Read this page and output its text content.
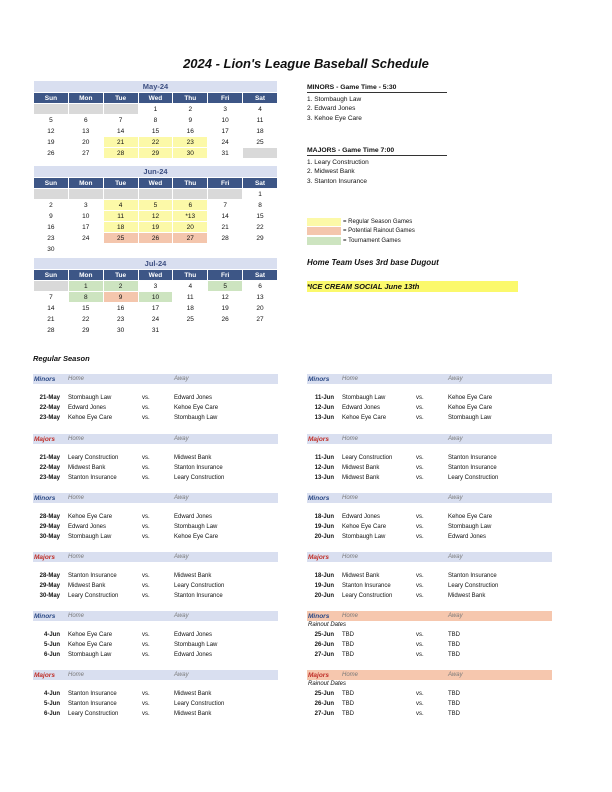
2024 - Lion's League Baseball Schedule
May-24						
Sun	Mon	Tue	Wed	Thu	Fri	Sat
			1	2	3	4
5	6	7	8	9	10	11
12	13	14	15	16	17	18
19	20	21	22	23	24	25
26	27	28	29	30	31	
Jun-24						
Sun	Mon	Tue	Wed	Thu	Fri	Sat
						1
2	3	4	5	6	7	8
9	10	11	12	*13	14	15
16	17	18	19	20	21	22
23	24	25	26	27	28	29
30						
Jul-24						
Sun	Mon	Tue	Wed	Thu	Fri	Sat
	1	2	3	4	5	6
7	8	9	10	11	12	13
14	15	16	17	18	19	20
21	22	23	24	25	26	27
28	29	30	31			
MINORS - Game Time - 5:30
1. Stombaugh Law
2. Edward Jones
3. Kehoe Eye Care
MAJORS - Game Time 7:00
1. Leary Construction
2. Midwest Bank
3. Stanton Insurance
= Regular Season Games
= Potential Rainout Games
= Tournament Games
Home Team Uses 3rd base Dugout
*ICE CREAM SOCIAL June 13th
Regular Season
Minors	Home	Away
21-May	Stombaugh Law	vs.	Edward Jones
22-May	Edward Jones	vs.	Kehoe Eye Care
23-May	Kehoe Eye Care	vs.	Stombaugh Law
Minors	Home	Away
11-Jun	Stombaugh Law	vs.	Kehoe Eye Care
12-Jun	Edward Jones	vs.	Kehoe Eye Care
13-Jun	Kehoe Eye Care	vs.	Stombaugh Law
Majors	Home	Away
21-May	Leary Construction	vs.	Midwest Bank
22-May	Midwest Bank	vs.	Stanton Insurance
23-May	Stanton Insurance	vs.	Leary Construction
Majors	Home	Away
11-Jun	Leary Construction	vs.	Stanton Insurance
12-Jun	Midwest Bank	vs.	Stanton Insurance
13-Jun	Midwest Bank	vs.	Leary Construction
Minors	Home	Away
28-May	Kehoe Eye Care	vs.	Edward Jones
29-May	Edward Jones	vs.	Stombaugh Law
30-May	Stombaugh Law	vs.	Kehoe Eye Care
Minors	Home	Away
18-Jun	Edward Jones	vs.	Kehoe Eye Care
19-Jun	Kehoe Eye Care	vs.	Stombaugh Law
20-Jun	Stombaugh Law	vs.	Edward Jones
Majors	Home	Away
28-May	Stanton Insurance	vs.	Midwest Bank
29-May	Midwest Bank	vs.	Leary Construction
30-May	Leary Construction	vs.	Stanton Insurance
Majors	Home	Away
18-Jun	Midwest Bank	vs.	Stanton Insurance
19-Jun	Stanton Insurance	vs.	Leary Construction
20-Jun	Leary Construction	vs.	Midwest Bank
Minors	Home	Away
4-Jun	Kehoe Eye Care	vs.	Edward Jones
5-Jun	Kehoe Eye Care	vs.	Stombaugh Law
6-Jun	Stombaugh Law	vs.	Edward Jones
Minors	Home	Away
Rainout Dates
25-Jun	TBD	vs.	TBD
26-Jun	TBD	vs.	TBD
27-Jun	TBD	vs.	TBD
Majors	Home	Away
4-Jun	Stanton Insurance	vs.	Midwest Bank
5-Jun	Stanton Insurance	vs.	Leary Construction
6-Jun	Leary Construction	vs.	Midwest Bank
Majors	Home	Away
Rainout Dates
25-Jun	TBD	vs.	TBD
26-Jun	TBD	vs.	TBD
27-Jun	TBD	vs.	TBD
